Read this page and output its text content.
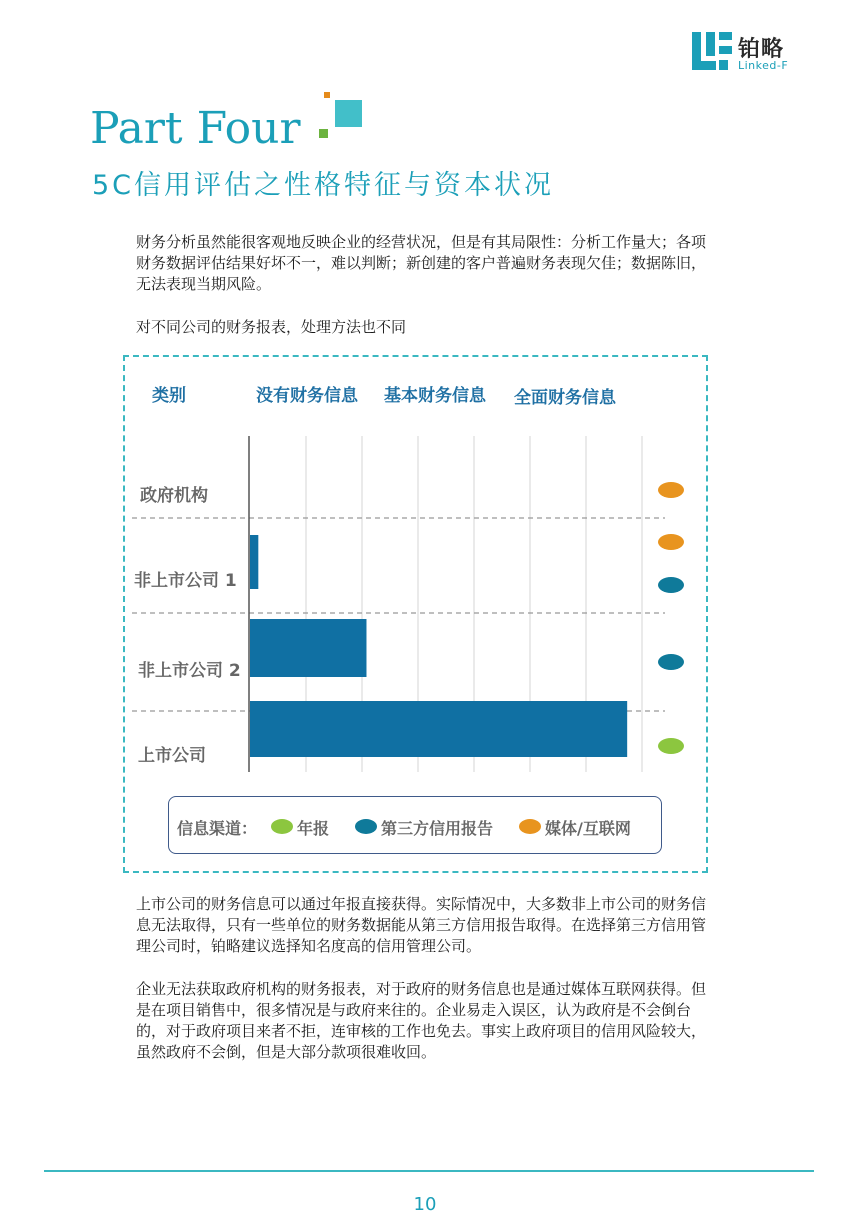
铂略
Linked-F
Part Four
5C信用评估之性格特征与资本状况
财务分析虽然能很客观地反映企业的经营状况，但是有其局限性：分析工作量大；各项财务数据评估结果好坏不一，难以判断；新创建的客户普遍财务表现欠佳；数据陈旧，无法表现当期风险。
对不同公司的财务报表，处理方法也不同
类别	没有财务信息 基本财务信息 全面财务信息
政府机构
非上市公司 1
非上市公司 2
上市公司
信息渠道： 年报	第三方信用报告	媒体/互联网
上市公司的财务信息可以通过年报直接获得。实际情况中，大多数非上市公司的财务信息无法取得，只有一些单位的财务数据能从第三方信用报告取得。在选择第三方信用管理公司时，铂略建议选择知名度高的信用管理公司。
企业无法获取政府机构的财务报表，对于政府的财务信息也是通过媒体互联网获得。但是在项目销售中，很多情况是与政府来往的。企业易走入误区，认为政府是不会倒台的，对于政府项目来者不拒，连审核的工作也免去。事实上政府项目的信用风险较大，虽然政府不会倒，但是大部分款项很难收回。
10
